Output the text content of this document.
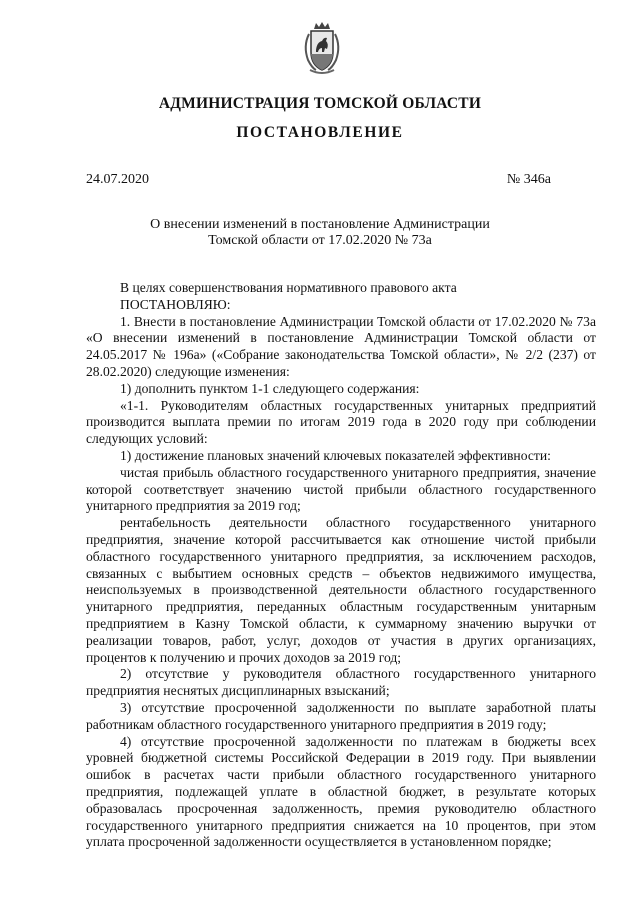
АДМИНИСТРАЦИЯ ТОМСКОЙ ОБЛАСТИ
ПОСТАНОВЛЕНИЕ
24.07.2020	№ 346а
О внесении изменений в постановление Администрации
Томской области от 17.02.2020 № 73а

В целях совершенствования нормативного правового акта

ПОСТАНОВЛЯЮ:

1. Внести в постановление Администрации Томской области от 17.02.2020 № 73а «О внесении изменений в постановление Администрации Томской области от 24.05.2017 № 196а» («Собрание законодательства Томской области», № 2/2 (237) от 28.02.2020) следующие изменения:

1) дополнить пунктом 1-1 следующего содержания:

«1-1. Руководителям областных государственных унитарных предприятий производится выплата премии по итогам 2019 года в 2020 году при соблюдении следующих условий:

1) достижение плановых значений ключевых показателей эффективности:

чистая прибыль областного государственного унитарного предприятия, значение которой соответствует значению чистой прибыли областного государственного унитарного предприятия за 2019 год;

рентабельность деятельности областного государственного унитарного предприятия, значение которой рассчитывается как отношение чистой прибыли областного государственного унитарного предприятия, за исключением расходов, связанных с выбытием основных средств – объектов недвижимого имущества, неиспользуемых в производственной деятельности областного государственного унитарного предприятия, переданных областным государственным унитарным предприятием в Казну Томской области, к суммарному значению выручки от реализации товаров, работ, услуг, доходов от участия в других организациях, процентов к получению и прочих доходов за 2019 год;

2) отсутствие у руководителя областного государственного унитарного предприятия неснятых дисциплинарных взысканий;

3) отсутствие просроченной задолженности по выплате заработной платы работникам областного государственного унитарного предприятия в 2019 году;

4) отсутствие просроченной задолженности по платежам в бюджеты всех уровней бюджетной системы Российской Федерации в 2019 году. При выявлении ошибок в расчетах части прибыли областного государственного унитарного предприятия, подлежащей уплате в областной бюджет, в результате которых образовалась просроченная задолженность, премия руководителю областного государственного унитарного предприятия снижается на 10 процентов, при этом уплата просроченной задолженности осуществляется в установленном порядке;
